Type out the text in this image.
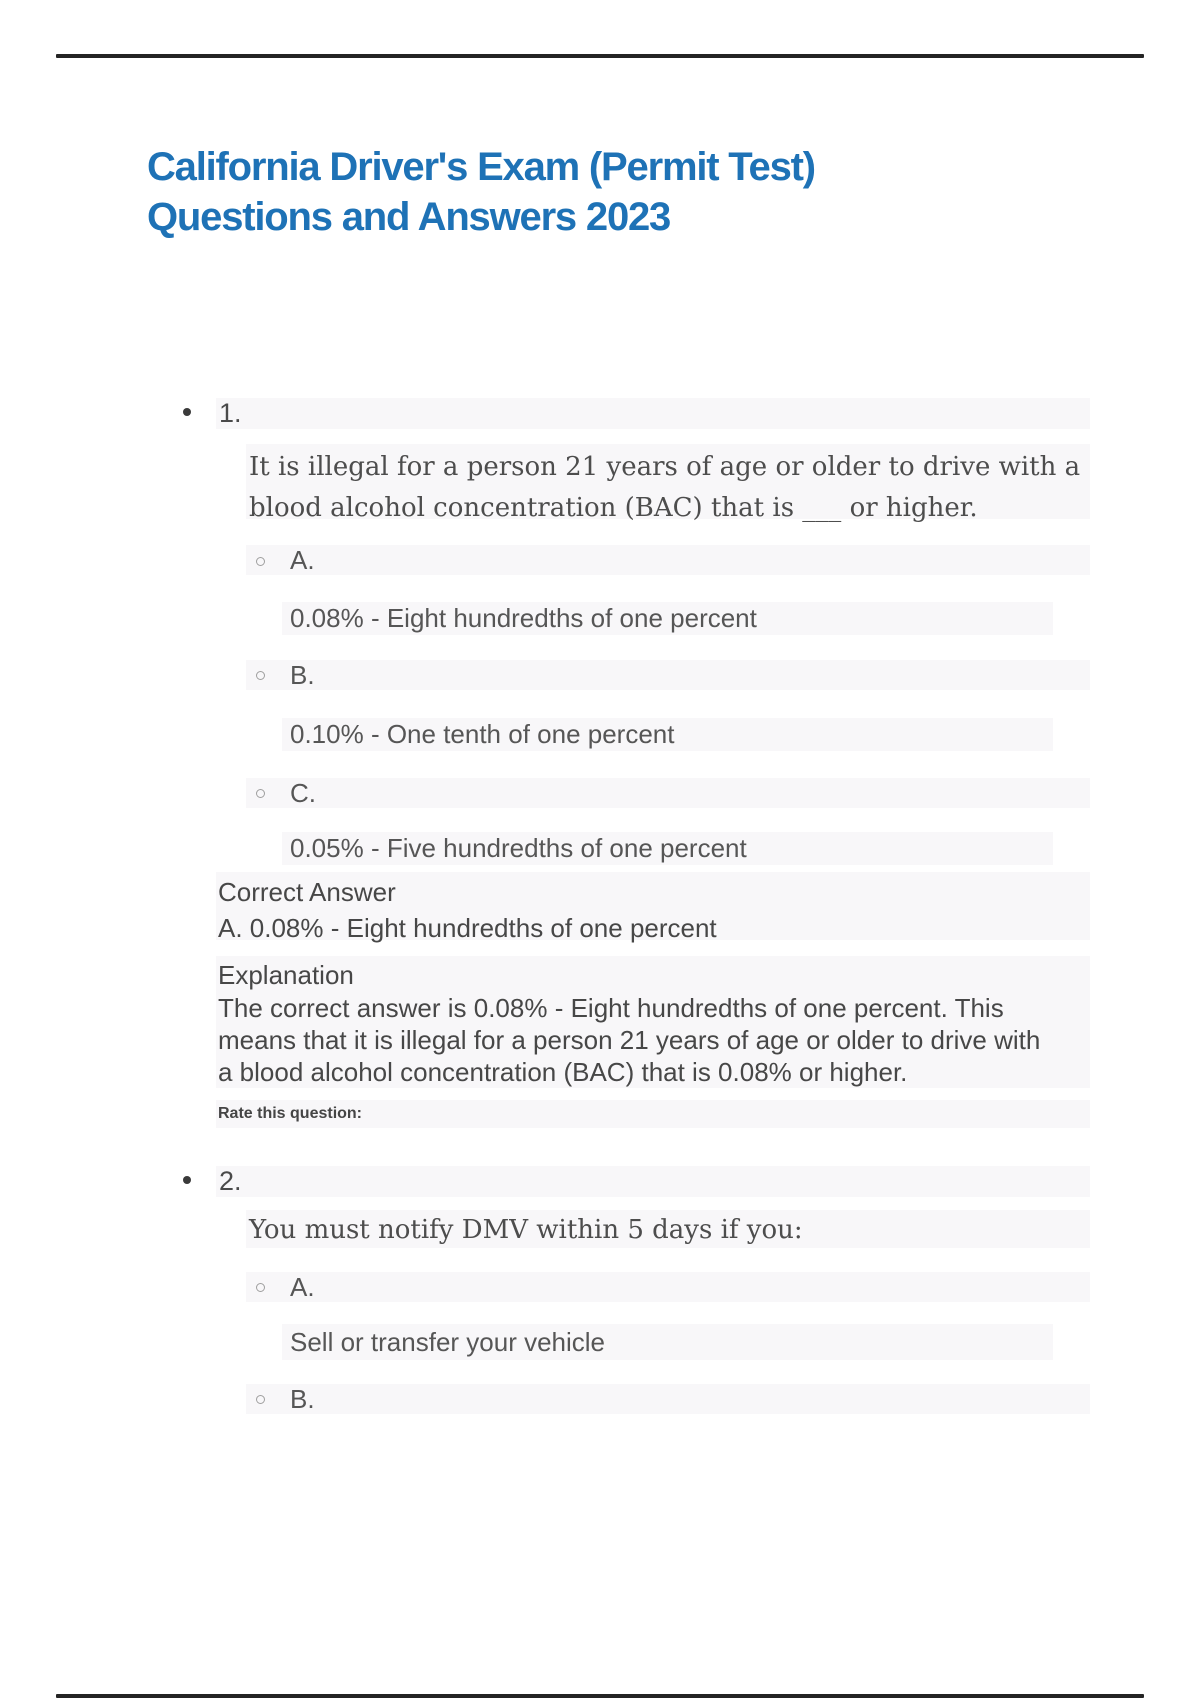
California Driver's Exam (Permit Test)
Questions and Answers 2023
1.
It is illegal for a person 21 years of age or older to drive with a
blood alcohol concentration (BAC) that is ___ or higher.
A.
0.08% - Eight hundredths of one percent
B.
0.10% - One tenth of one percent
C.
0.05% - Five hundredths of one percent
Correct Answer
A. 0.08% - Eight hundredths of one percent
Explanation
The correct answer is 0.08% - Eight hundredths of one percent. This
means that it is illegal for a person 21 years of age or older to drive with
a blood alcohol concentration (BAC) that is 0.08% or higher.
Rate this question:
2.
You must notify DMV within 5 days if you:
A.
Sell or transfer your vehicle
B.
